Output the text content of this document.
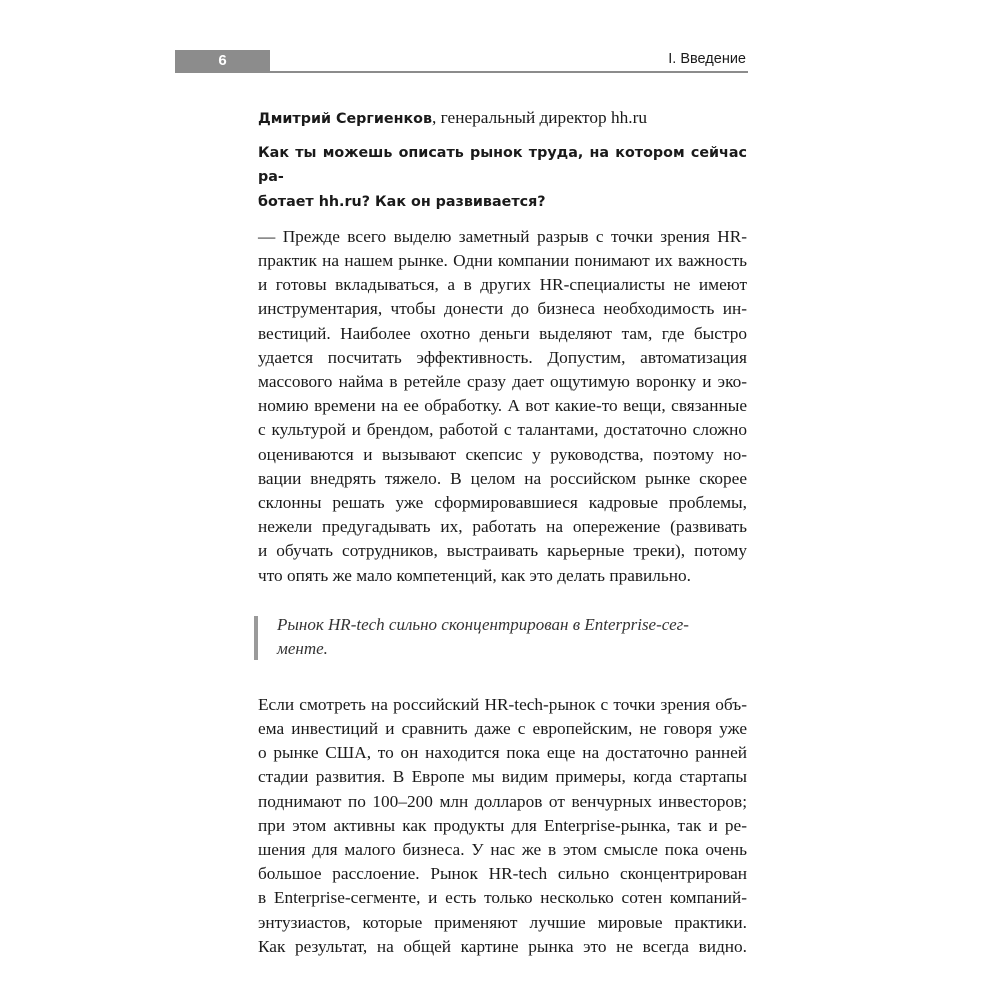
6	I. Введение

Дмитрий Сергиенков, генеральный директор hh.ru

Как ты можешь описать рынок труда, на котором сейчас ра-
ботает hh.ru? Как он развивается?

— Прежде всего выделю заметный разрыв с точки зрения HR-
практик на нашем рынке. Одни компании понимают их важность
и готовы вкладываться, а в других HR-специалисты не имеют
инструментария, чтобы донести до бизнеса необходимость ин-
вестиций. Наиболее охотно деньги выделяют там, где быстро
удается посчитать эффективность. Допустим, автоматизация
массового найма в ретейле сразу дает ощутимую воронку и эко-
номию времени на ее обработку. А вот какие-то вещи, связанные
с культурой и брендом, работой с талантами, достаточно сложно
оцениваются и вызывают скепсис у руководства, поэтому но-
вации внедрять тяжело. В целом на российском рынке скорее
склонны решать уже сформировавшиеся кадровые проблемы,
нежели предугадывать их, работать на опережение (развивать
и обучать сотрудников, выстраивать карьерные треки), потому
что опять же мало компетенций, как это делать правильно.

Рынок HR-tech сильно сконцентрирован в Enterprise-сег-
менте.

Если смотреть на российский HR-tech-рынок с точки зрения объ-
ема инвестиций и сравнить даже с европейским, не говоря уже
о рынке США, то он находится пока еще на достаточно ранней
стадии развития. В Европе мы видим примеры, когда стартапы
поднимают по 100–200 млн долларов от венчурных инвесторов;
при этом активны как продукты для Enterprise-рынка, так и ре-
шения для малого бизнеса. У нас же в этом смысле пока очень
большое расслоение. Рынок HR-tech сильно сконцентрирован
в Enterprise-сегменте, и есть только несколько сотен компаний-
энтузиастов, которые применяют лучшие мировые практики.
Как результат, на общей картине рынка это не всегда видно.
